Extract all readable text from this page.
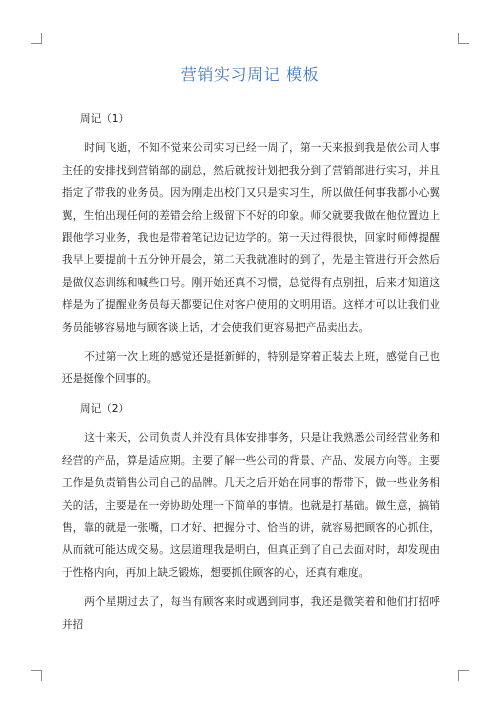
营销实习周记 模板
周记（1）

时间飞逝，不知不觉来公司实习已经一周了，第一天来报到我是依公司人事主任的安排找到营销部的副总，然后就按计划把我分到了营销部进行实习，并且指定了带我的业务员。因为刚走出校门又只是实习生，所以做任何事我都小心翼翼，生怕出现任何的差错会给上级留下不好的印象。师父就要我做在他位置边上跟他学习业务，我也是带着笔记边记边学的。第一天过得很快，回家时师傅提醒我早上要提前十五分钟开晨会，第二天我就准时的到了，先是主管进行开会然后是做仪态训练和喊些口号。刚开始还真不习惯，总觉得有点别扭，后来才知道这样是为了提醒业务员每天都要记住对客户使用的文明用语。这样才可以让我们业务员能够容易地与顾客谈上话，才会使我们更容易把产品卖出去。

不过第一次上班的感觉还是挺新鲜的，特别是穿着正装去上班，感觉自己也还是挺像个回事的。

周记（2）

这十来天，公司负责人并没有具体安排事务，只是让我熟悉公司经营业务和经营的产品，算是适应期。主要了解一些公司的背景、产品、发展方向等。主要工作是负责销售公司自己的品牌。几天之后开始在同事的帮带下，做一些业务相关的活，主要是在一旁协助处理一下简单的事情。也就是打基础。做生意，搞销售，靠的就是一张嘴，口才好、把握分寸、恰当的讲，就容易把顾客的心抓住，从而就可能达成交易。这层道理我是明白，但真正到了自己去面对时，却发现由于性格内向，再加上缺乏锻炼，想要抓住顾客的心，还真有难度。

两个星期过去了，每当有顾客来时或遇到同事，我还是微笑着和他们打招呼并招
